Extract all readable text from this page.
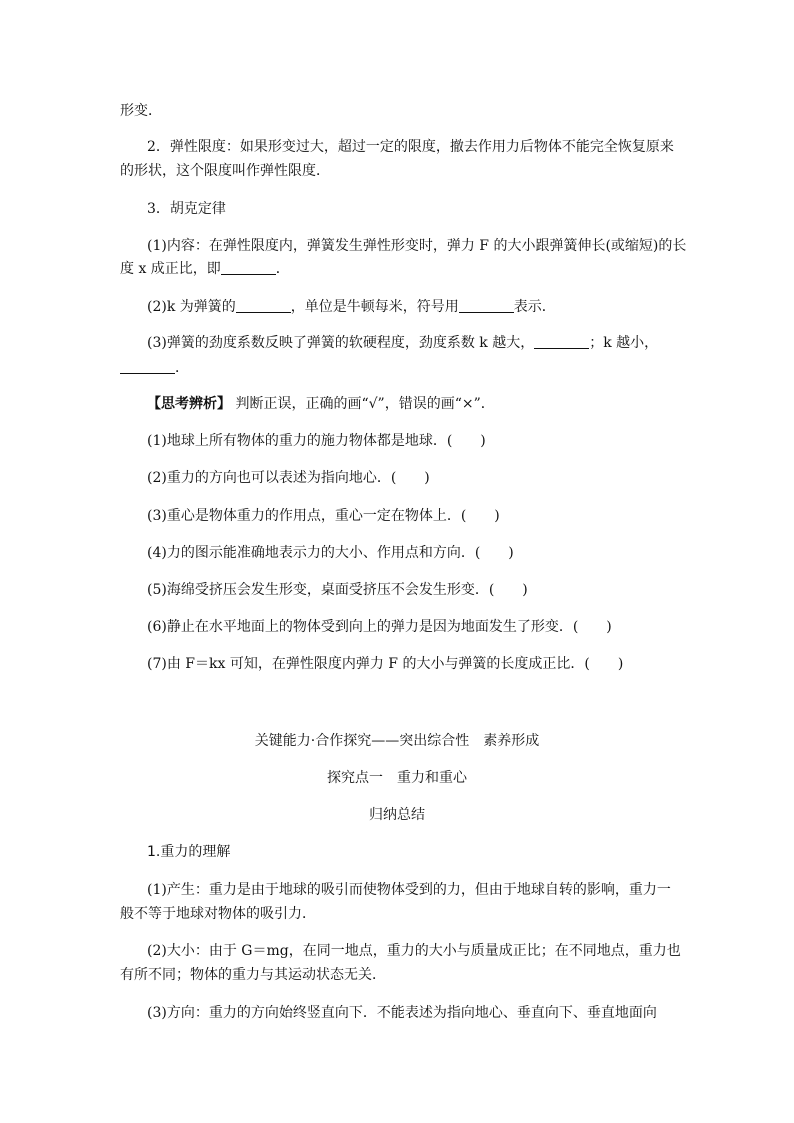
形变．
2．弹性限度：如果形变过大，超过一定的限度，撤去作用力后物体不能完全恢复原来
的形状，这个限度叫作弹性限度．
3．胡克定律
(1)内容：在弹性限度内，弹簧发生弹性形变时，弹力 F 的大小跟弹簧伸长(或缩短)的长
度 x 成正比，即	．
(2)k 为弹簧的	，单位是牛顿每米，符号用	表示．
(3)弹簧的劲度系数反映了弹簧的软硬程度，劲度系数 k 越大，	；k 越小，
．
【思考辨析】 判断正误，正确的画“√”，错误的画“×”．
(1)地球上所有物体的重力的施力物体都是地球．(　　)
(2)重力的方向也可以表述为指向地心．(　　)
(3)重心是物体重力的作用点，重心一定在物体上．(　　)
(4)力的图示能准确地表示力的大小、作用点和方向．(　　)
(5)海绵受挤压会发生形变，桌面受挤压不会发生形变．(　　)
(6)静止在水平地面上的物体受到向上的弹力是因为地面发生了形变．(　　)
(7)由 F＝kx 可知，在弹性限度内弹力 F 的大小与弹簧的长度成正比．(　　)
关键能力·合作探究——突出综合性　素养形成
探究点一　重力和重心
归纳总结
1.重力的理解
(1)产生：重力是由于地球的吸引而使物体受到的力，但由于地球自转的影响，重力一
般不等于地球对物体的吸引力．
(2)大小：由于 G＝mg，在同一地点，重力的大小与质量成正比；在不同地点，重力也
有所不同；物体的重力与其运动状态无关．
(3)方向：重力的方向始终竖直向下．不能表述为指向地心、垂直向下、垂直地面向
